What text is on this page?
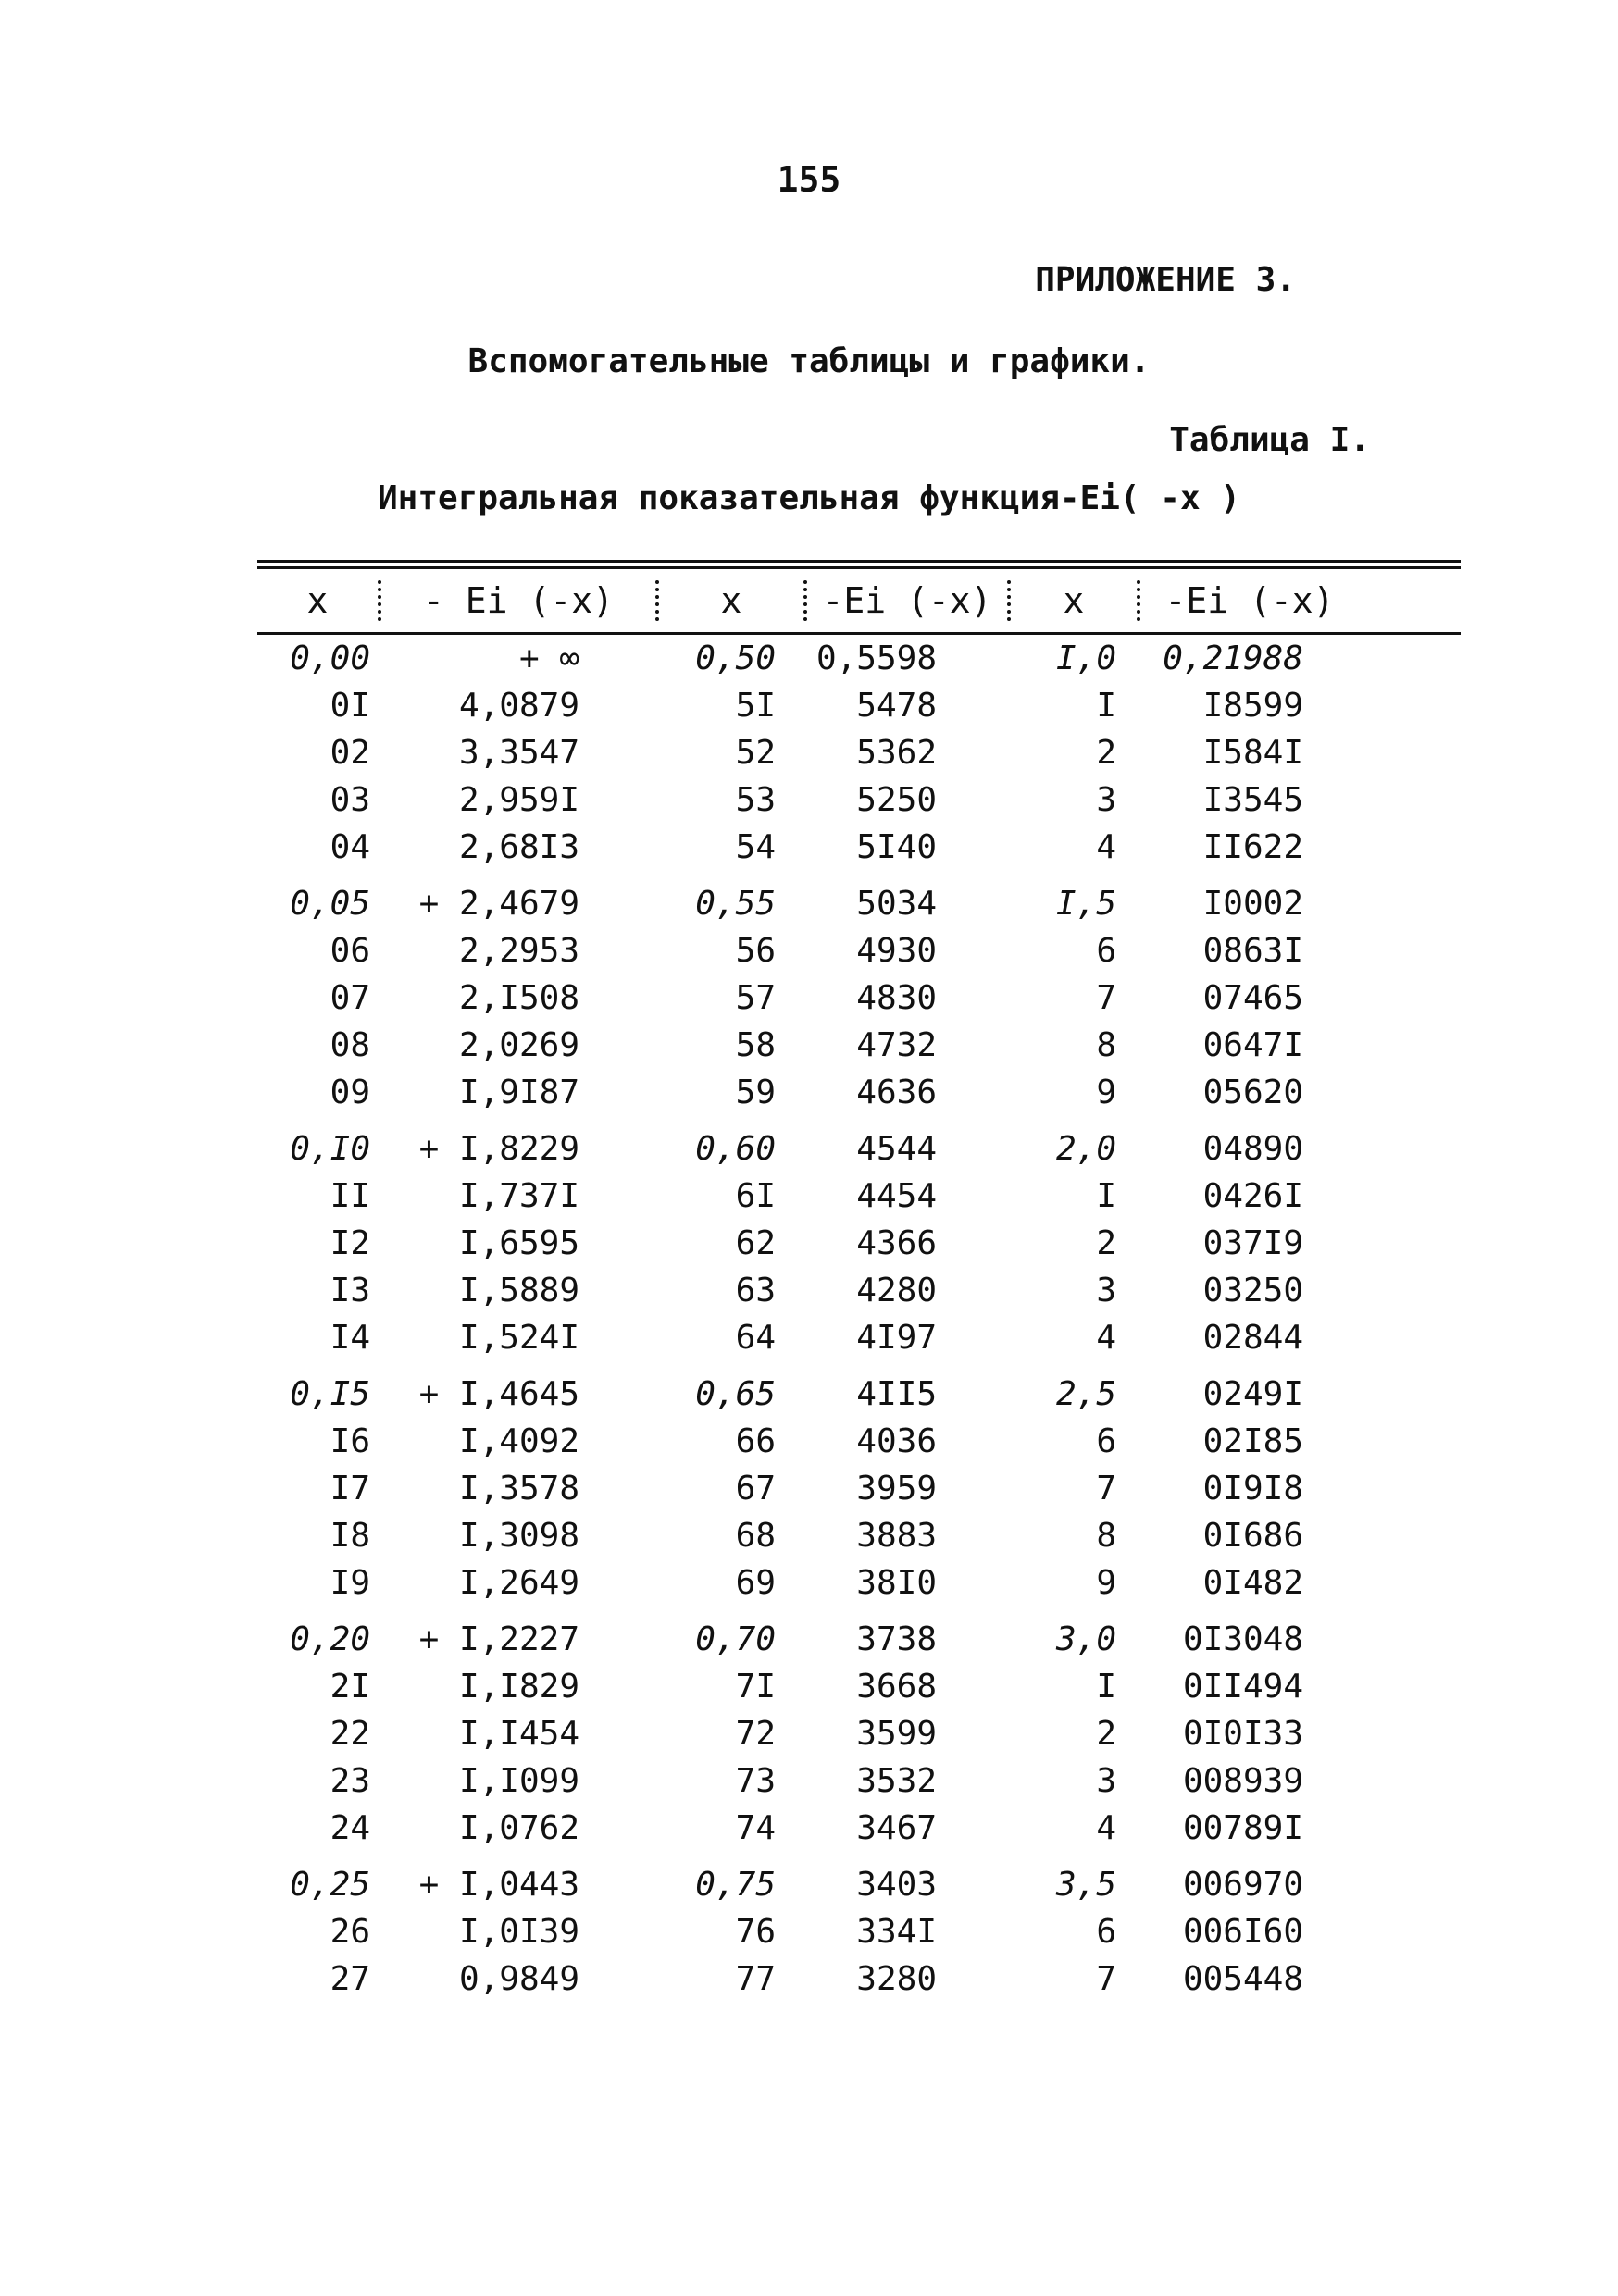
155
ПРИЛОЖЕНИЕ 3.
Вспомогательные таблицы и графики.
Таблица I.
Интегральная показательная функция-Ei( -x )
x	- Ei (-x)	x	-Ei (-x)	x	-Ei (-x)
0,00	+ ∞	0,50	0,5598	I,0	0,21988
0I	4,0879	5I	5478	I	I8599
02	3,3547	52	5362	2	I584I
03	2,959I	53	5250	3	I3545
04	2,68I3	54	5I40	4	II622
0,05	+ 2,4679	0,55	5034	I,5	I0002
06	2,2953	56	4930	6	0863I
07	2,I508	57	4830	7	07465
08	2,0269	58	4732	8	0647I
09	I,9I87	59	4636	9	05620
0,I0	+ I,8229	0,60	4544	2,0	04890
II	I,737I	6I	4454	I	0426I
I2	I,6595	62	4366	2	037I9
I3	I,5889	63	4280	3	03250
I4	I,524I	64	4I97	4	02844
0,I5	+ I,4645	0,65	4II5	2,5	0249I
I6	I,4092	66	4036	6	02I85
I7	I,3578	67	3959	7	0I9I8
I8	I,3098	68	3883	8	0I686
I9	I,2649	69	38I0	9	0I482
0,20	+ I,2227	0,70	3738	3,0	0I3048
2I	I,I829	7I	3668	I	0II494
22	I,I454	72	3599	2	0I0I33
23	I,I099	73	3532	3	008939
24	I,0762	74	3467	4	00789I
0,25	+ I,0443	0,75	3403	3,5	006970
26	I,0I39	76	334I	6	006I60
27	0,9849	77	3280	7	005448
